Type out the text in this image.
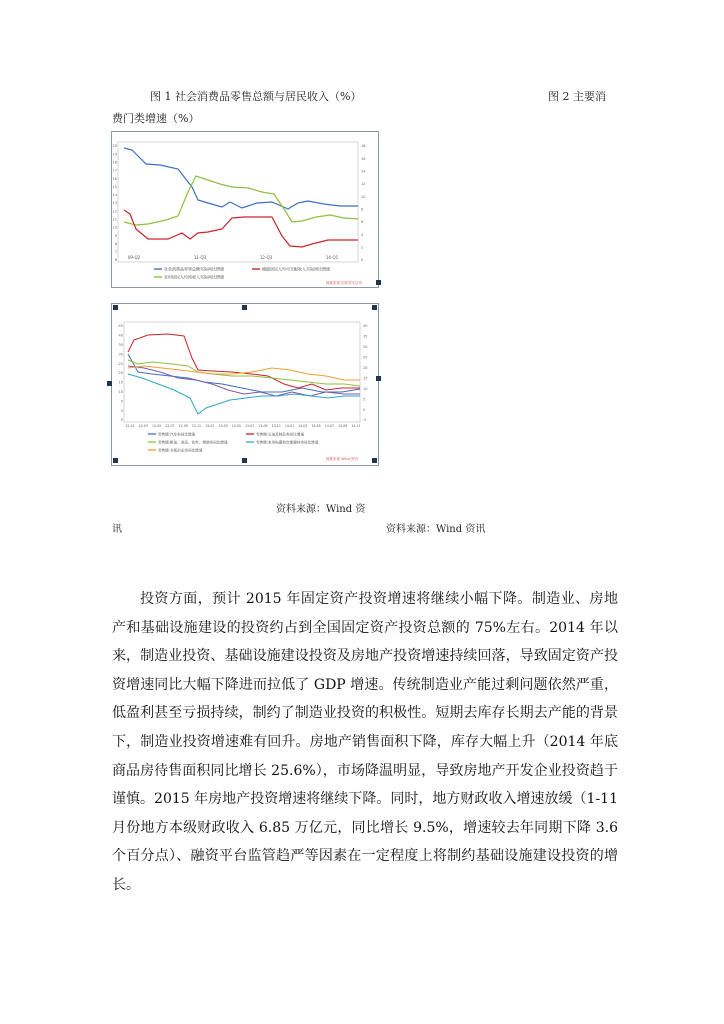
图 1 社会消费品零售总额与居民收入（%）	图 2 主要消
费门类增速（%）
20
19
18
17
16
15
14
13
12
11
10
9
8
7
6
18
16
14
12
10
8
6
4
2
0
09-Q2	11-Q3	12-Q3	14-Q1
社会消费品零售总额实际同比增速	城镇居民人均可支配收入实际同比增速
农村居民人均纯收入实际同比增速
数据来源 国泰君安证券
45
40
35
30
25
20
15
10
5
0
-5
40
35
30
25
20
15
10
5
0
-5
12-01 12-03 12-05 12-07 12-09 12-11 13-01 13-03 13-05 13-07 13-09 13-11 14-01 14-03 14-05 14-07 14-09 14-11
零售额:汽车类同比增速	零售额:石油及制品类同比增速
零售额:粮油、食品、饮料、烟酒类同比增速	零售额:家用电器和音像器材类同比增速
零售额:书报杂志类同比增速
数据来源 Wind 资讯
资料来源：Wind 资
讯	资料来源：Wind 资讯

投资方面，预计 2015 年固定资产投资增速将继续小幅下降。制造业、房地产和基础设施建设的投资约占到全国固定资产投资总额的 75%左右。2014 年以来，制造业投资、基础设施建设投资及房地产投资增速持续回落，导致固定资产投资增速同比大幅下降进而拉低了 GDP 增速。传统制造业产能过剩问题依然严重，低盈利甚至亏损持续，制约了制造业投资的积极性。短期去库存长期去产能的背景下，制造业投资增速难有回升。房地产销售面积下降，库存大幅上升（2014 年底商品房待售面积同比增长 25.6%），市场降温明显，导致房地产开发企业投资趋于谨慎。2015 年房地产投资增速将继续下降。同时，地方财政收入增速放缓（1-11 月份地方本级财政收入 6.85 万亿元，同比增长 9.5%，增速较去年同期下降 3.6 个百分点）、融资平台监管趋严等因素在一定程度上将制约基础设施建设投资的增长。
